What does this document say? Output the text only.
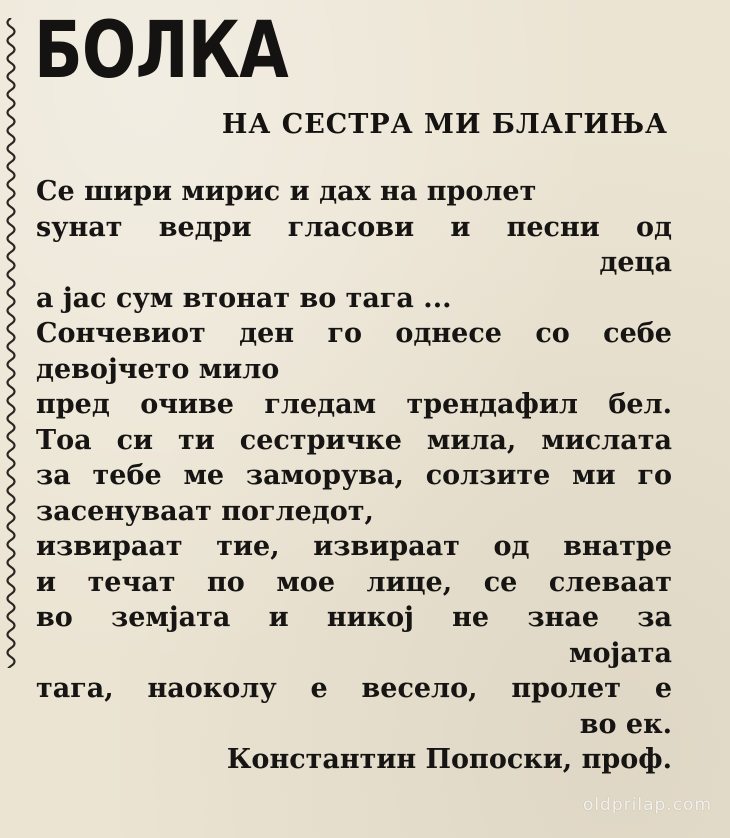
БОЛКА
НА СЕСТРА МИ БЛАГИЊА
Се шири мирис и дах на пролет
ѕунат ведри гласови и песни од
деца
а јас сум втонат во тага ...
Сончевиот ден го однесе со себе
девојчето мило
пред очиве гледам трендафил бел.
Тоа си ти сестричке мила, мислата
за тебе ме заморува, солзите ми го
засенуваат погледот,
извираат тие, извираат од внатре
и течат по мое лице, се слеваат
во земјата и никој не знае за
мојата
тага, наоколу е весело, пролет е
во ек.
Константин Попоски, проф.
oldprilap.com
